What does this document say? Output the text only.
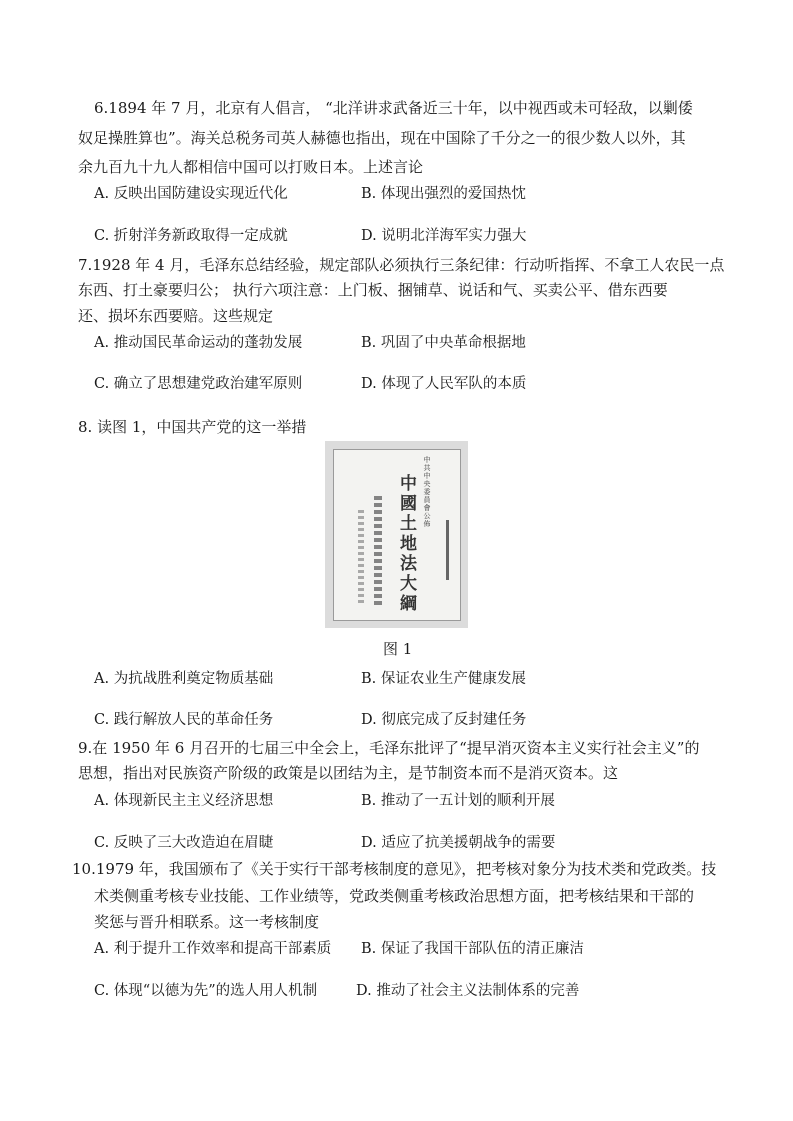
6.1894 年 7 月，北京有人倡言， “北洋讲求武备近三十年，以中视西或未可轻敌，以剿倭
奴足操胜算也”。海关总税务司英人赫德也指出，现在中国除了千分之一的很少数人以外，其
余九百九十九人都相信中国可以打败日本。上述言论
A. 反映出国防建设实现近代化	B. 体现出强烈的爱国热忱
C. 折射洋务新政取得一定成就	D. 说明北洋海军实力强大
7.1928 年 4 月，毛泽东总结经验，规定部队必须执行三条纪律：行动听指挥、不拿工人农民一点
东西、打土豪要归公； 执行六项注意：上门板、捆铺草、说话和气、买卖公平、借东西要
还、损坏东西要赔。这些规定
A. 推动国民革命运动的蓬勃发展	B. 巩固了中央革命根据地
C. 确立了思想建党政治建军原则	D. 体现了人民军队的本质
8. 读图 1，中国共产党的这一举措
中共中央委員會公佈
中國土地法大綱
图 1
A. 为抗战胜利奠定物质基础	B. 保证农业生产健康发展
C. 践行解放人民的革命任务	D. 彻底完成了反封建任务
9.在 1950 年 6 月召开的七届三中全会上，毛泽东批评了“提早消灭资本主义实行社会主义”的
思想，指出对民族资产阶级的政策是以团结为主，是节制资本而不是消灭资本。这
A. 体现新民主主义经济思想	B. 推动了一五计划的顺利开展
C. 反映了三大改造迫在眉睫	D. 适应了抗美援朝战争的需要
10.1979 年，我国颁布了《关于实行干部考核制度的意见》，把考核对象分为技术类和党政类。技
术类侧重考核专业技能、工作业绩等，党政类侧重考核政治思想方面，把考核结果和干部的
奖惩与晋升相联系。这一考核制度
A. 利于提升工作效率和提高干部素质 B. 保证了我国干部队伍的清正廉洁
C. 体现“以德为先”的选人用人机制	D. 推动了社会主义法制体系的完善
